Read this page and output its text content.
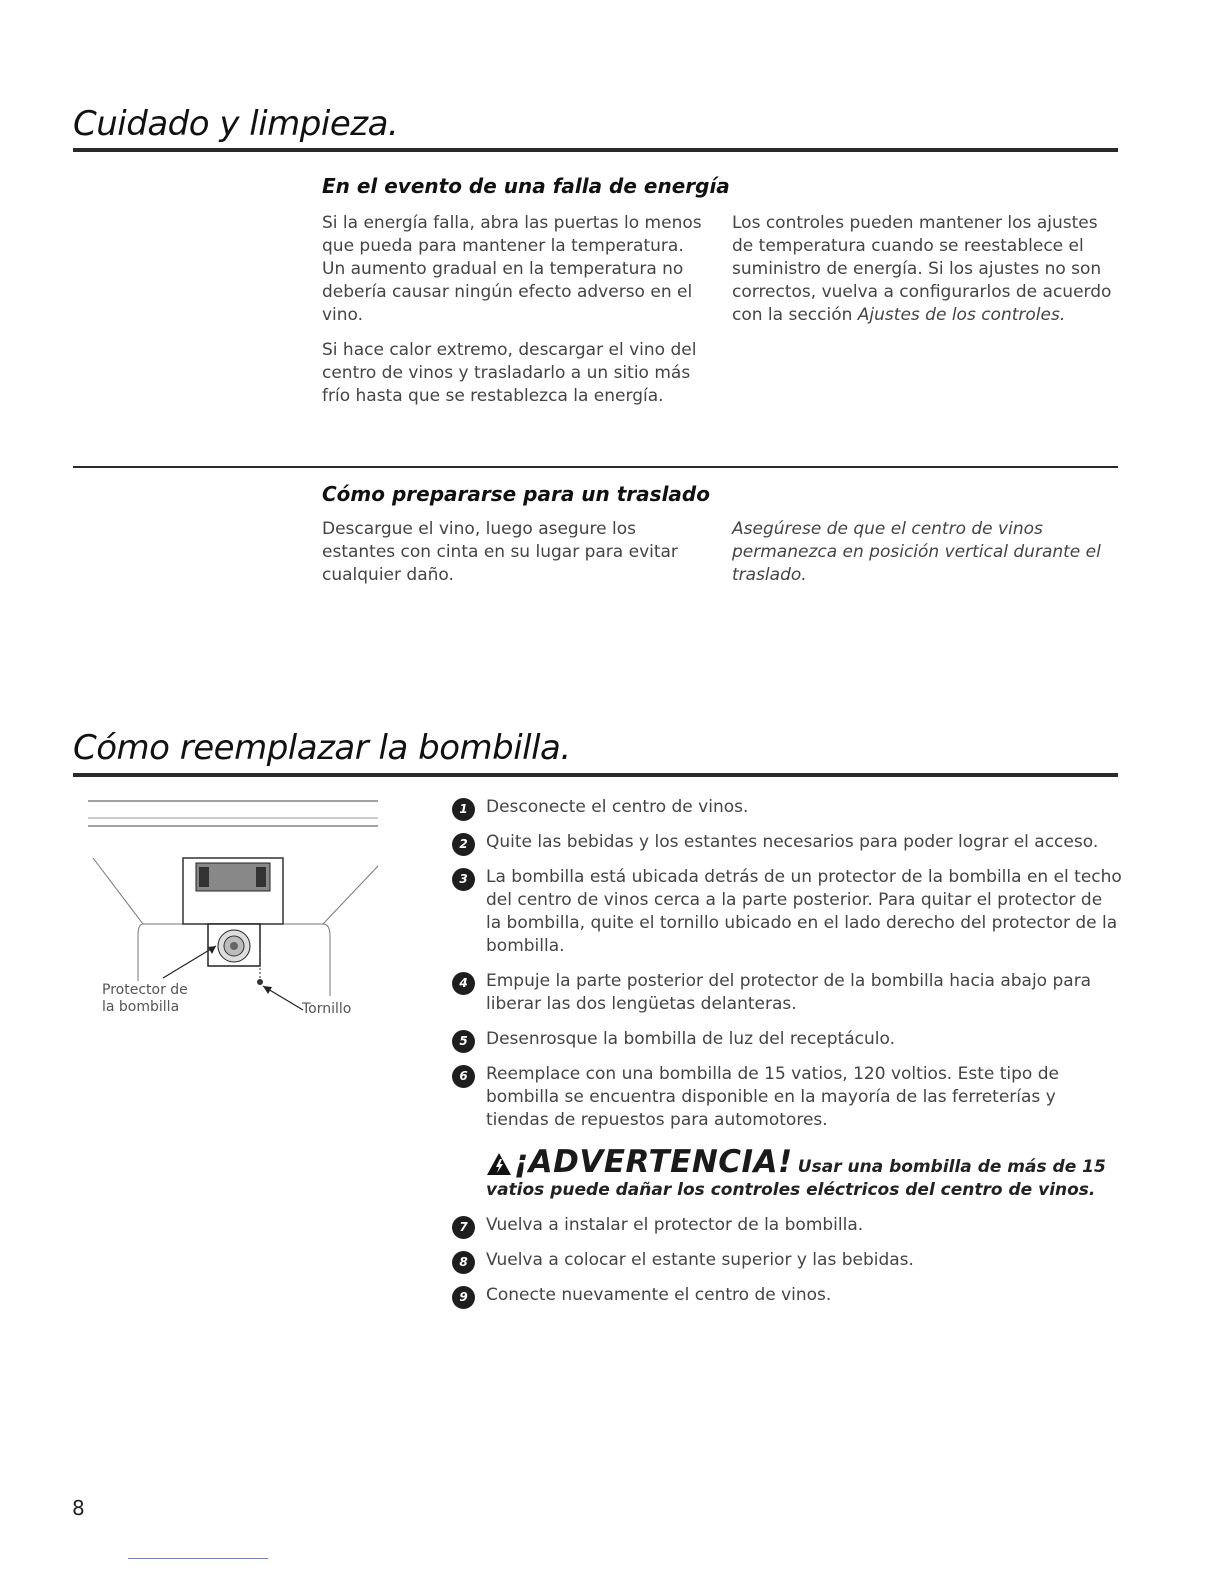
Cuidado y limpieza.
En el evento de una falla de energía

Si la energía falla, abra las puertas lo menos que pueda para mantener la temperatura. Un aumento gradual en la temperatura no debería causar ningún efecto adverso en el vino.

Si hace calor extremo, descargar el vino del centro de vinos y trasladarlo a un sitio más frío hasta que se restablezca la energía.

Los controles pueden mantener los ajustes de temperatura cuando se reestablece el suministro de energía. Si los ajustes no son correctos, vuelva a configurarlos de acuerdo con la sección Ajustes de los controles.

Cómo prepararse para un traslado

Descargue el vino, luego asegure los estantes con cinta en su lugar para evitar cualquier daño.

Asegúrese de que el centro de vinos permanezca en posición vertical durante el traslado.

Cómo reemplazar la bombilla.
Protector de
la bombilla	Tornillo
1	Desconecte el centro de vinos.
2	Quite las bebidas y los estantes necesarios para poder lograr el acceso.
3	La bombilla está ubicada detrás de un protector de la bombilla en el techo del centro de vinos cerca a la parte posterior. Para quitar el protector de la bombilla, quite el tornillo ubicado en el lado derecho del protector de la bombilla.
4	Empuje la parte posterior del protector de la bombilla hacia abajo para liberar las dos lengüetas delanteras.
5	Desenrosque la bombilla de luz del receptáculo.
6	Reemplace con una bombilla de 15 vatios, 120 voltios. Este tipo de bombilla se encuentra disponible en la mayoría de las ferreterías y tiendas de repuestos para automotores.
¡ADVERTENCIA! Usar una bombilla de más de 15 vatios puede dañar los controles eléctricos del centro de vinos.
7	Vuelva a instalar el protector de la bombilla.
8	Vuelva a colocar el estante superior y las bebidas.
9	Conecte nuevamente el centro de vinos.
8
